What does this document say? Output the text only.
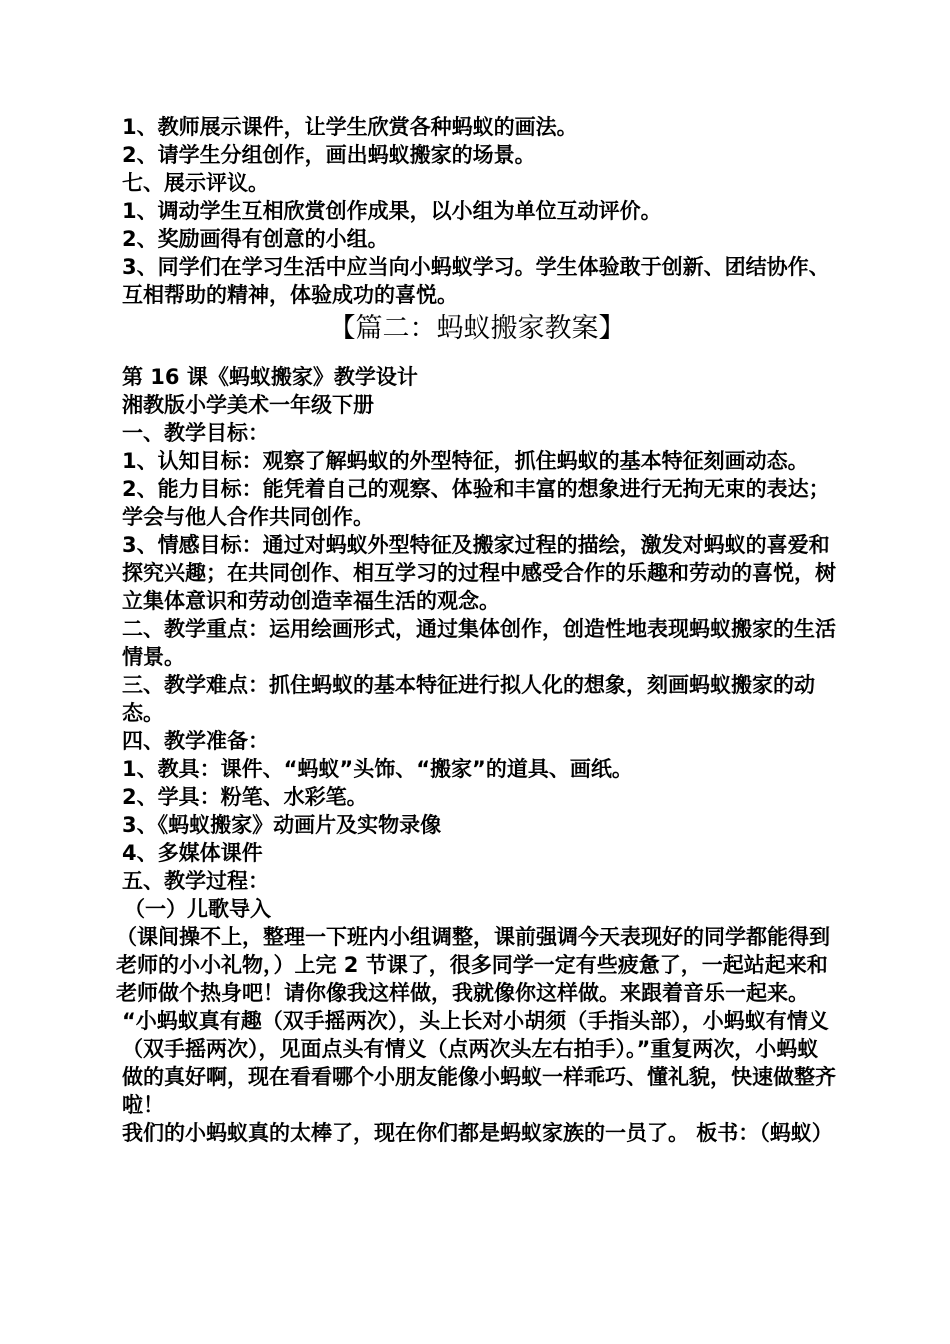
1、教师展示课件，让学生欣赏各种蚂蚁的画法。

2、请学生分组创作，画出蚂蚁搬家的场景。

七、展示评议。

1、调动学生互相欣赏创作成果，以小组为单位互动评价。

2、奖励画得有创意的小组。

3、同学们在学习生活中应当向小蚂蚁学习。学生体验敢于创新、团结协作、互相帮助的精神，体验成功的喜悦。

【篇二：蚂蚁搬家教案】

第 16 课《蚂蚁搬家》教学设计

湘教版小学美术一年级下册

一、教学目标：

1、认知目标：观察了解蚂蚁的外型特征，抓住蚂蚁的基本特征刻画动态。

2、能力目标：能凭着自己的观察、体验和丰富的想象进行无拘无束的表达；学会与他人合作共同创作。

3、情感目标：通过对蚂蚁外型特征及搬家过程的描绘，激发对蚂蚁的喜爱和探究兴趣；在共同创作、相互学习的过程中感受合作的乐趣和劳动的喜悦，树立集体意识和劳动创造幸福生活的观念。

二、教学重点：运用绘画形式，通过集体创作，创造性地表现蚂蚁搬家的生活情景。

三、教学难点：抓住蚂蚁的基本特征进行拟人化的想象，刻画蚂蚁搬家的动态。

四、教学准备：

1、教具：课件、“蚂蚁”头饰、“搬家”的道具、画纸。

2、学具：粉笔、水彩笔。

3、《蚂蚁搬家》动画片及实物录像

4、多媒体课件

五、教学过程：

（一）儿歌导入

（课间操不上，整理一下班内小组调整，课前强调今天表现好的同学都能得到老师的小小礼物，）上完 2 节课了，很多同学一定有些疲惫了，一起站起来和老师做个热身吧！请你像我这样做，我就像你这样做。来跟着音乐一起来。

“小蚂蚁真有趣（双手摇两次），头上长对小胡须（手指头部），小蚂蚁有情义（双手摇两次），见面点头有情义（点两次头左右拍手）。”重复两次，小蚂蚁做的真好啊，现在看看哪个小朋友能像小蚂蚁一样乖巧、懂礼貌，快速做整齐啦！

我们的小蚂蚁真的太棒了，现在你们都是蚂蚁家族的一员了。 板书：（蚂蚁）
